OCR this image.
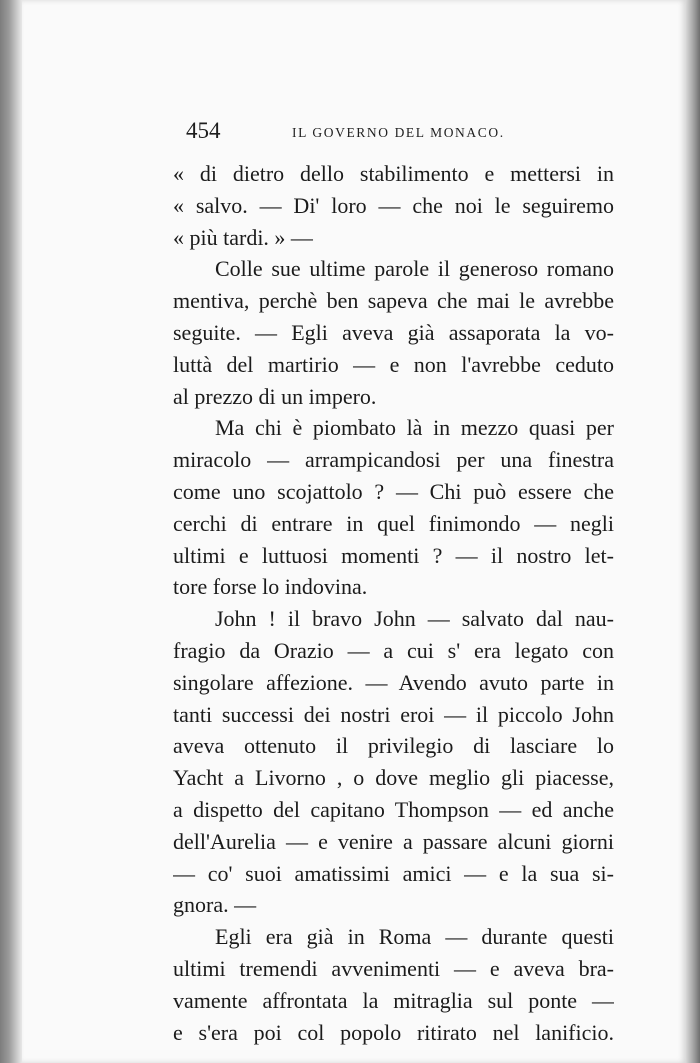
454	IL GOVERNO DEL MONACO.
« di dietro dello stabilimento e mettersi in
« salvo. — Di' loro — che noi le seguiremo
« più tardi. » —
Colle sue ultime parole il generoso romano
mentiva, perchè ben sapeva che mai le avrebbe
seguite. — Egli aveva già assaporata la vo-
luttà del martirio — e non l'avrebbe ceduto
al prezzo di un impero.
Ma chi è piombato là in mezzo quasi per
miracolo — arrampicandosi per una finestra
come uno scojattolo ? — Chi può essere che
cerchi di entrare in quel finimondo — negli
ultimi e luttuosi momenti ? — il nostro let-
tore forse lo indovina.
John ! il bravo John — salvato dal nau-
fragio da Orazio — a cui s' era legato con
singolare affezione. — Avendo avuto parte in
tanti successi dei nostri eroi — il piccolo John
aveva ottenuto il privilegio di lasciare lo
Yacht a Livorno , o dove meglio gli piacesse,
a dispetto del capitano Thompson — ed anche
dell'Aurelia — e venire a passare alcuni giorni
— co' suoi amatissimi amici — e la sua si-
gnora. —
Egli era già in Roma — durante questi
ultimi tremendi avvenimenti — e aveva bra-
vamente affrontata la mitraglia sul ponte —
e s'era poi col popolo ritirato nel lanificio.
